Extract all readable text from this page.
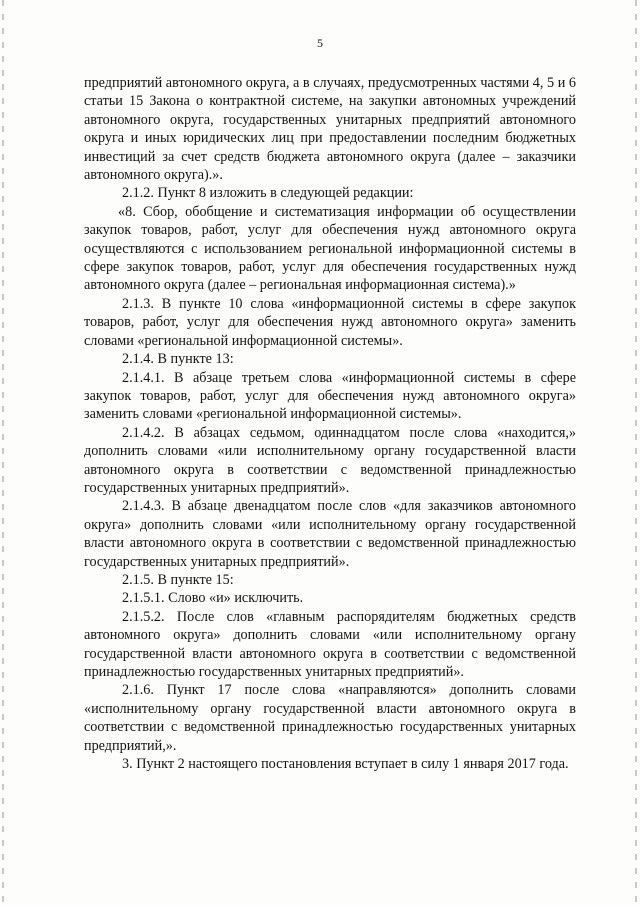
5

предприятий автономного округа, а в случаях, предусмотренных частями 4, 5 и 6 статьи 15 Закона о контрактной системе, на закупки автономных учреждений автономного округа, государственных унитарных предприятий автономного округа и иных юридических лиц при предоставлении последним бюджетных инвестиций за счет средств бюджета автономного округа (далее – заказчики автономного округа).».

2.1.2. Пункт 8 изложить в следующей редакции:

«8. Сбор, обобщение и систематизация информации об осуществлении закупок товаров, работ, услуг для обеспечения нужд автономного округа осуществляются с использованием региональной информационной системы в сфере закупок товаров, работ, услуг для обеспечения государственных нужд автономного округа (далее – региональная информационная система).»

2.1.3. В пункте 10 слова «информационной системы в сфере закупок товаров, работ, услуг для обеспечения нужд автономного округа» заменить словами «региональной информационной системы».

2.1.4. В пункте 13:

2.1.4.1. В абзаце третьем слова «информационной системы в сфере закупок товаров, работ, услуг для обеспечения нужд автономного округа» заменить словами «региональной информационной системы».

2.1.4.2. В абзацах седьмом, одиннадцатом после слова «находится,» дополнить словами «или исполнительному органу государственной власти автономного округа в соответствии с ведомственной принадлежностью государственных унитарных предприятий».

2.1.4.3. В абзаце двенадцатом после слов «для заказчиков автономного округа» дополнить словами «или исполнительному органу государственной власти автономного округа в соответствии с ведомственной принадлежностью государственных унитарных предприятий».

2.1.5. В пункте 15:

2.1.5.1. Слово «и» исключить.

2.1.5.2. После слов «главным распорядителям бюджетных средств автономного округа» дополнить словами «или исполнительному органу государственной власти автономного округа в соответствии с ведомственной принадлежностью государственных унитарных предприятий».

2.1.6. Пункт 17 после слова «направляются» дополнить словами «исполнительному органу государственной власти автономного округа в соответствии с ведомственной принадлежностью государственных унитарных предприятий,».

3. Пункт 2 настоящего постановления вступает в силу 1 января 2017 года.
